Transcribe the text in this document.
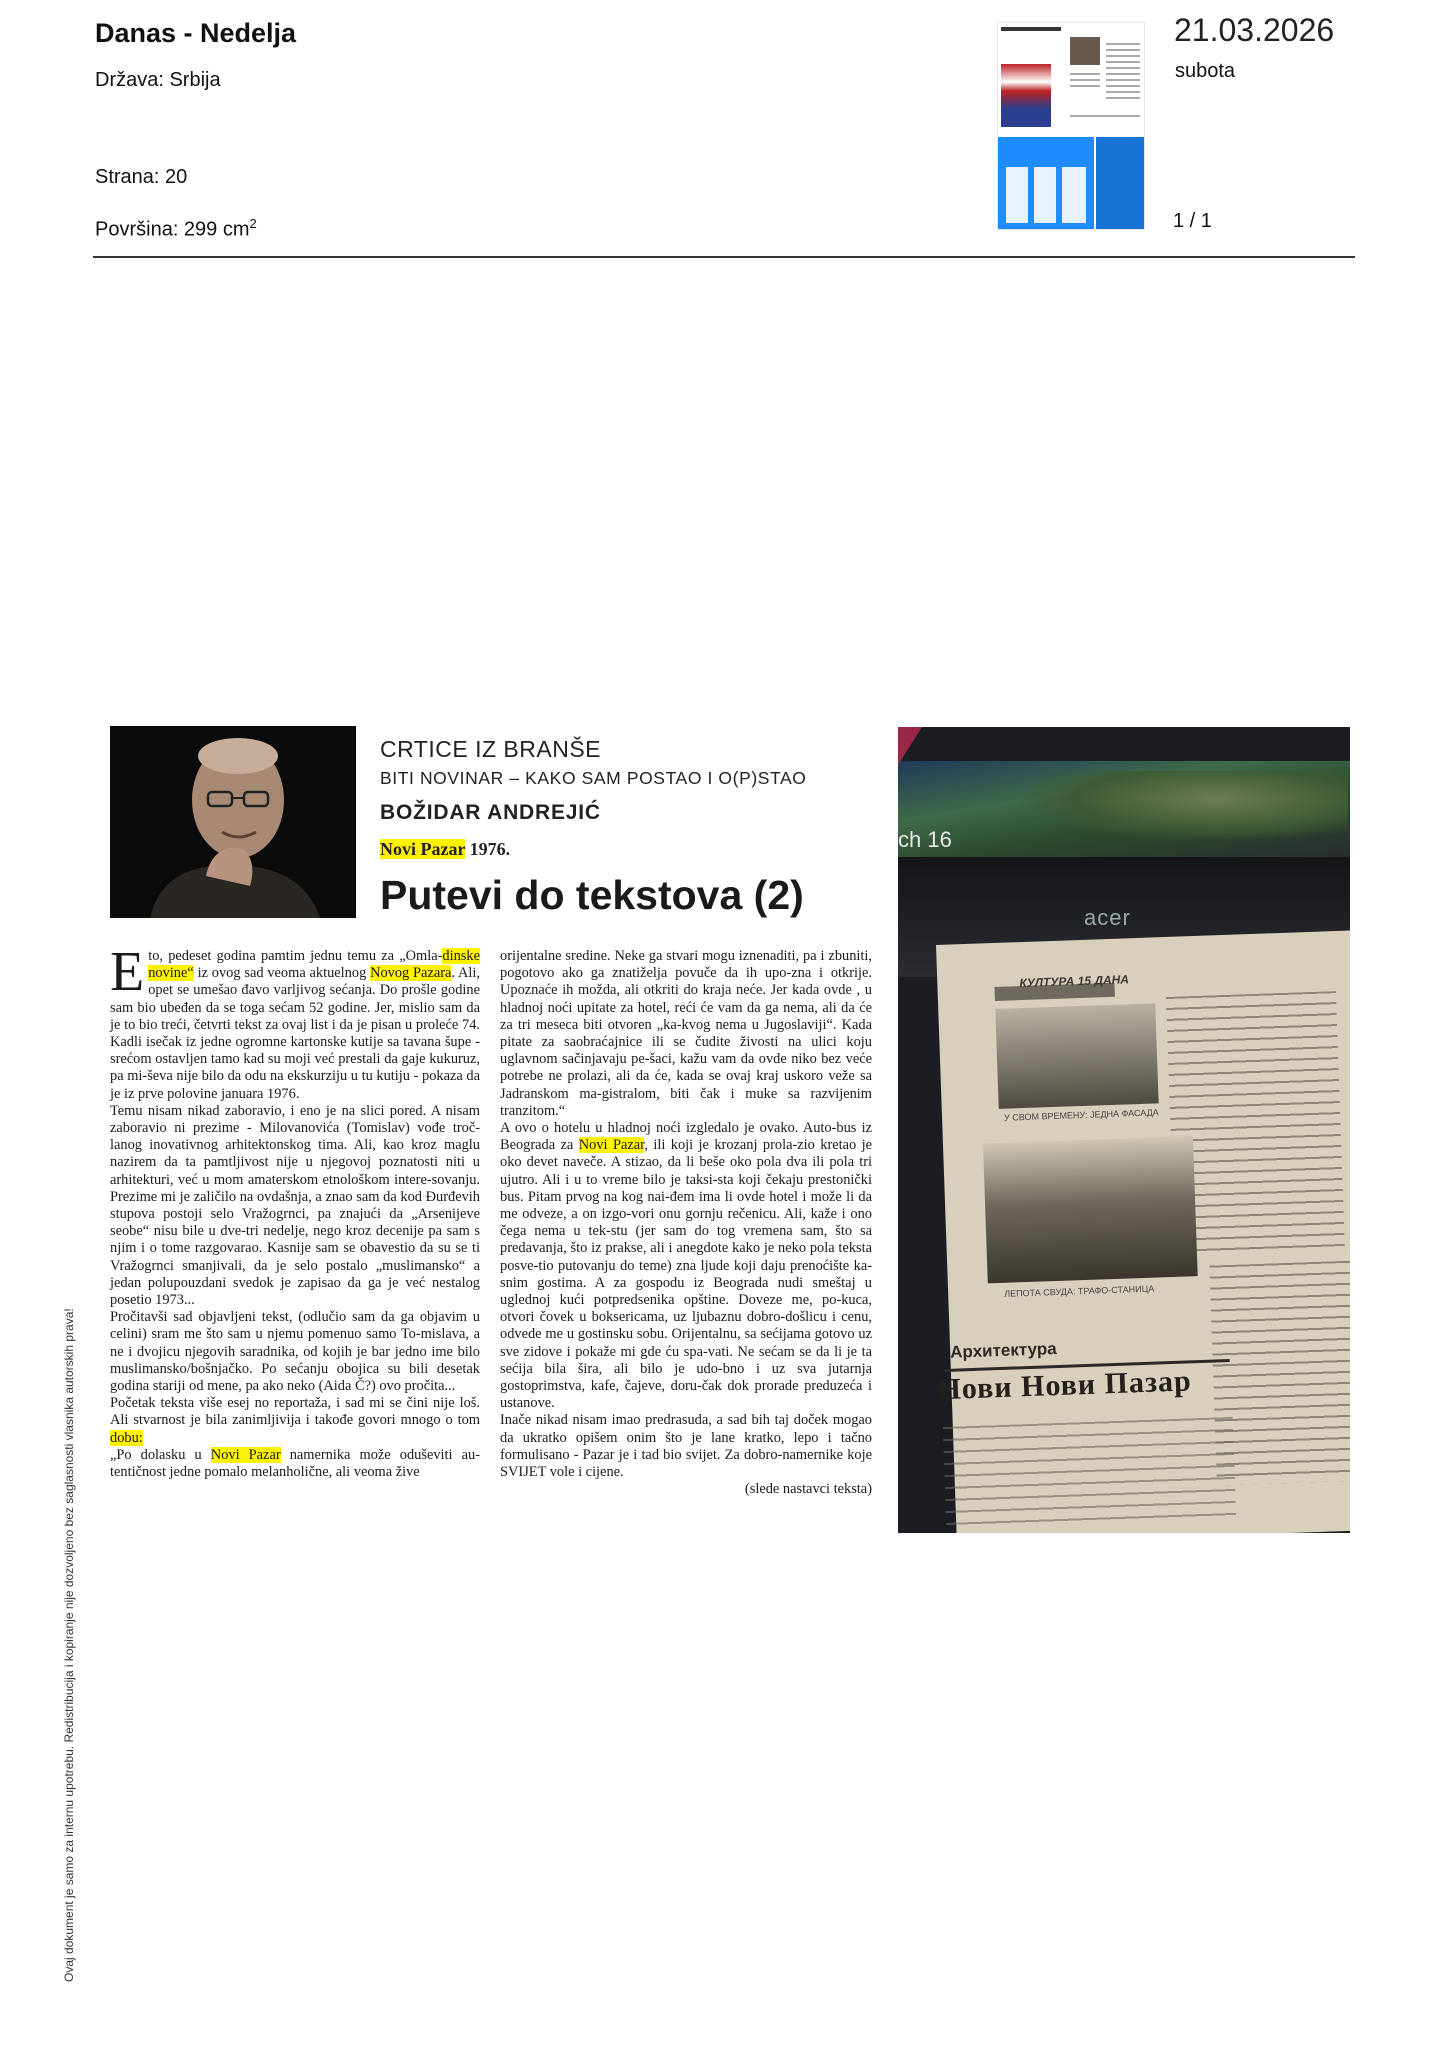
Danas - Nedelja
Država: Srbija
Strana: 20
Površina: 299 $cm^2$
21.03.2026
subota
1 / 1
CRTICE IZ BRANŠE
BITI NOVINAR – KAKO SAM POSTAO I O(P)STAO
BOŽIDAR ANDREJIĆ
Novi Pazar 1976.
Putevi do tekstova (2)

Eto, pedeset godina pamtim jednu temu za „Omla-dinske novine“ iz ovog sad veoma aktuelnog Novog Pazara. Ali, opet se umešao đavo varljivog sećanja. Do prošle godine sam bio ubeđen da se toga sećam 52 godine. Jer, mislio sam da je to bio treći, četvrti tekst za ovaj list i da je pisan u proleće 74. Kadli isečak iz jedne ogromne kartonske kutije sa tavana šupe - srećom ostavljen tamo kad su moji već prestali da gaje kukuruz, pa mi-ševa nije bilo da odu na ekskurziju u tu kutiju - pokaza da je iz prve polovine januara 1976.

Temu nisam nikad zaboravio, i eno je na slici pored. A nisam zaboravio ni prezime - Milovanovića (Tomislav) vođe troč-lanog inovativnog arhitektonskog tima. Ali, kao kroz maglu nazirem da ta pamtljivost nije u njegovoj poznatosti niti u arhitekturi, već u mom amaterskom etnološkom intere-sovanju. Prezime mi je zaličilo na ovdašnja, a znao sam da kod Đurđevih stupova postoji selo Vražogrnci, pa znajući da „Arsenijeve seobe“ nisu bile u dve-tri nedelje, nego kroz decenije pa sam s njim i o tome razgovarao. Kasnije sam se obavestio da su se ti Vražogrnci smanjivali, da je selo postalo „muslimansko“ a jedan polupouzdani svedok je zapisao da ga je već nestalog posetio 1973...

Pročitavši sad objavljeni tekst, (odlučio sam da ga objavim u celini) sram me što sam u njemu pomenuo samo To-mislava, a ne i dvojicu njegovih saradnika, od kojih je bar jedno ime bilo muslimansko/bošnjačko. Po sećanju obojica su bili desetak godina stariji od mene, pa ako neko (Aida Č?) ovo pročita...

Početak teksta više esej no reportaža, i sad mi se čini nije loš. Ali stvarnost je bila zanimljivija i takođe govori mnogo o tom dobu:

„Po dolasku u Novi Pazar namernika može oduševiti au-tentičnost jedne pomalo melanholične, ali veoma žive

orijentalne sredine. Neke ga stvari mogu iznenaditi, pa i zbuniti, pogotovo ako ga znatiželja povuče da ih upo-zna i otkrije. Upoznaće ih možda, ali otkriti do kraja neće. Jer kada ovde , u hladnoj noći upitate za hotel, reći će vam da ga nema, ali da će za tri meseca biti otvoren „ka-kvog nema u Jugoslaviji“. Kada pitate za saobraćajnice ili se čudite živosti na ulici koju uglavnom sačinjavaju pe-šaci, kažu vam da ovde niko bez veće potrebe ne prolazi, ali da će, kada se ovaj kraj uskoro veže sa Jadranskom ma-gistralom, biti čak i muke sa razvijenim tranzitom.“

A ovo o hotelu u hladnoj noći izgledalo je ovako. Auto-bus iz Beograda za Novi Pazar, ili koji je krozanj prola-zio kretao je oko devet naveče. A stizao, da li beše oko pola dva ili pola tri ujutro. Ali i u to vreme bilo je taksi-sta koji čekaju prestonički bus. Pitam prvog na kog nai-đem ima li ovde hotel i može li da me odveze, a on izgo-vori onu gornju rečenicu. Ali, kaže i ono čega nema u tek-stu (jer sam do tog vremena sam, što sa predavanja, što iz prakse, ali i anegdote kako je neko pola teksta posve-tio putovanju do teme) zna ljude koji daju prenoćište ka-snim gostima. A za gospodu iz Beograda nudi smeštaj u uglednoj kući potpredsenika opštine. Doveze me, po-kuca, otvori čovek u boksericama, uz ljubaznu dobro-došlicu i cenu, odvede me u gostinsku sobu. Orijentalnu, sa sećijama gotovo uz sve zidove i pokaže mi gde ću spa-vati. Ne sećam se da li je ta sećija bila šira, ali bilo je udo-bno i uz sva jutarnja gostoprimstva, kafe, čajeve, doru-čak dok prorade preduzeća i ustanove.

Inače nikad nisam imao predrasuda, a sad bih taj doček mogao da ukratko opišem onim što je lane kratko, lepo i tačno formulisano - Pazar je i tad bio svijet. Za dobro-namernike koje SVIJET vole i cijene.

(slede nastavci teksta)

ch 16
acer
КУЛТУРА 15 ДАНА
У СВОМ ВРЕМЕНУ: ЈЕДНА ФАСАДА
ЛЕПОТА СВУДА: ТРАФО-СТАНИЦА
Архитектура
Нови Нови Пазар
Ovaj dokument je samo za internu upotrebu. Redistribucija i kopiranje nije dozvoljeno bez saglasnosti vlasnika autorskih prava!
